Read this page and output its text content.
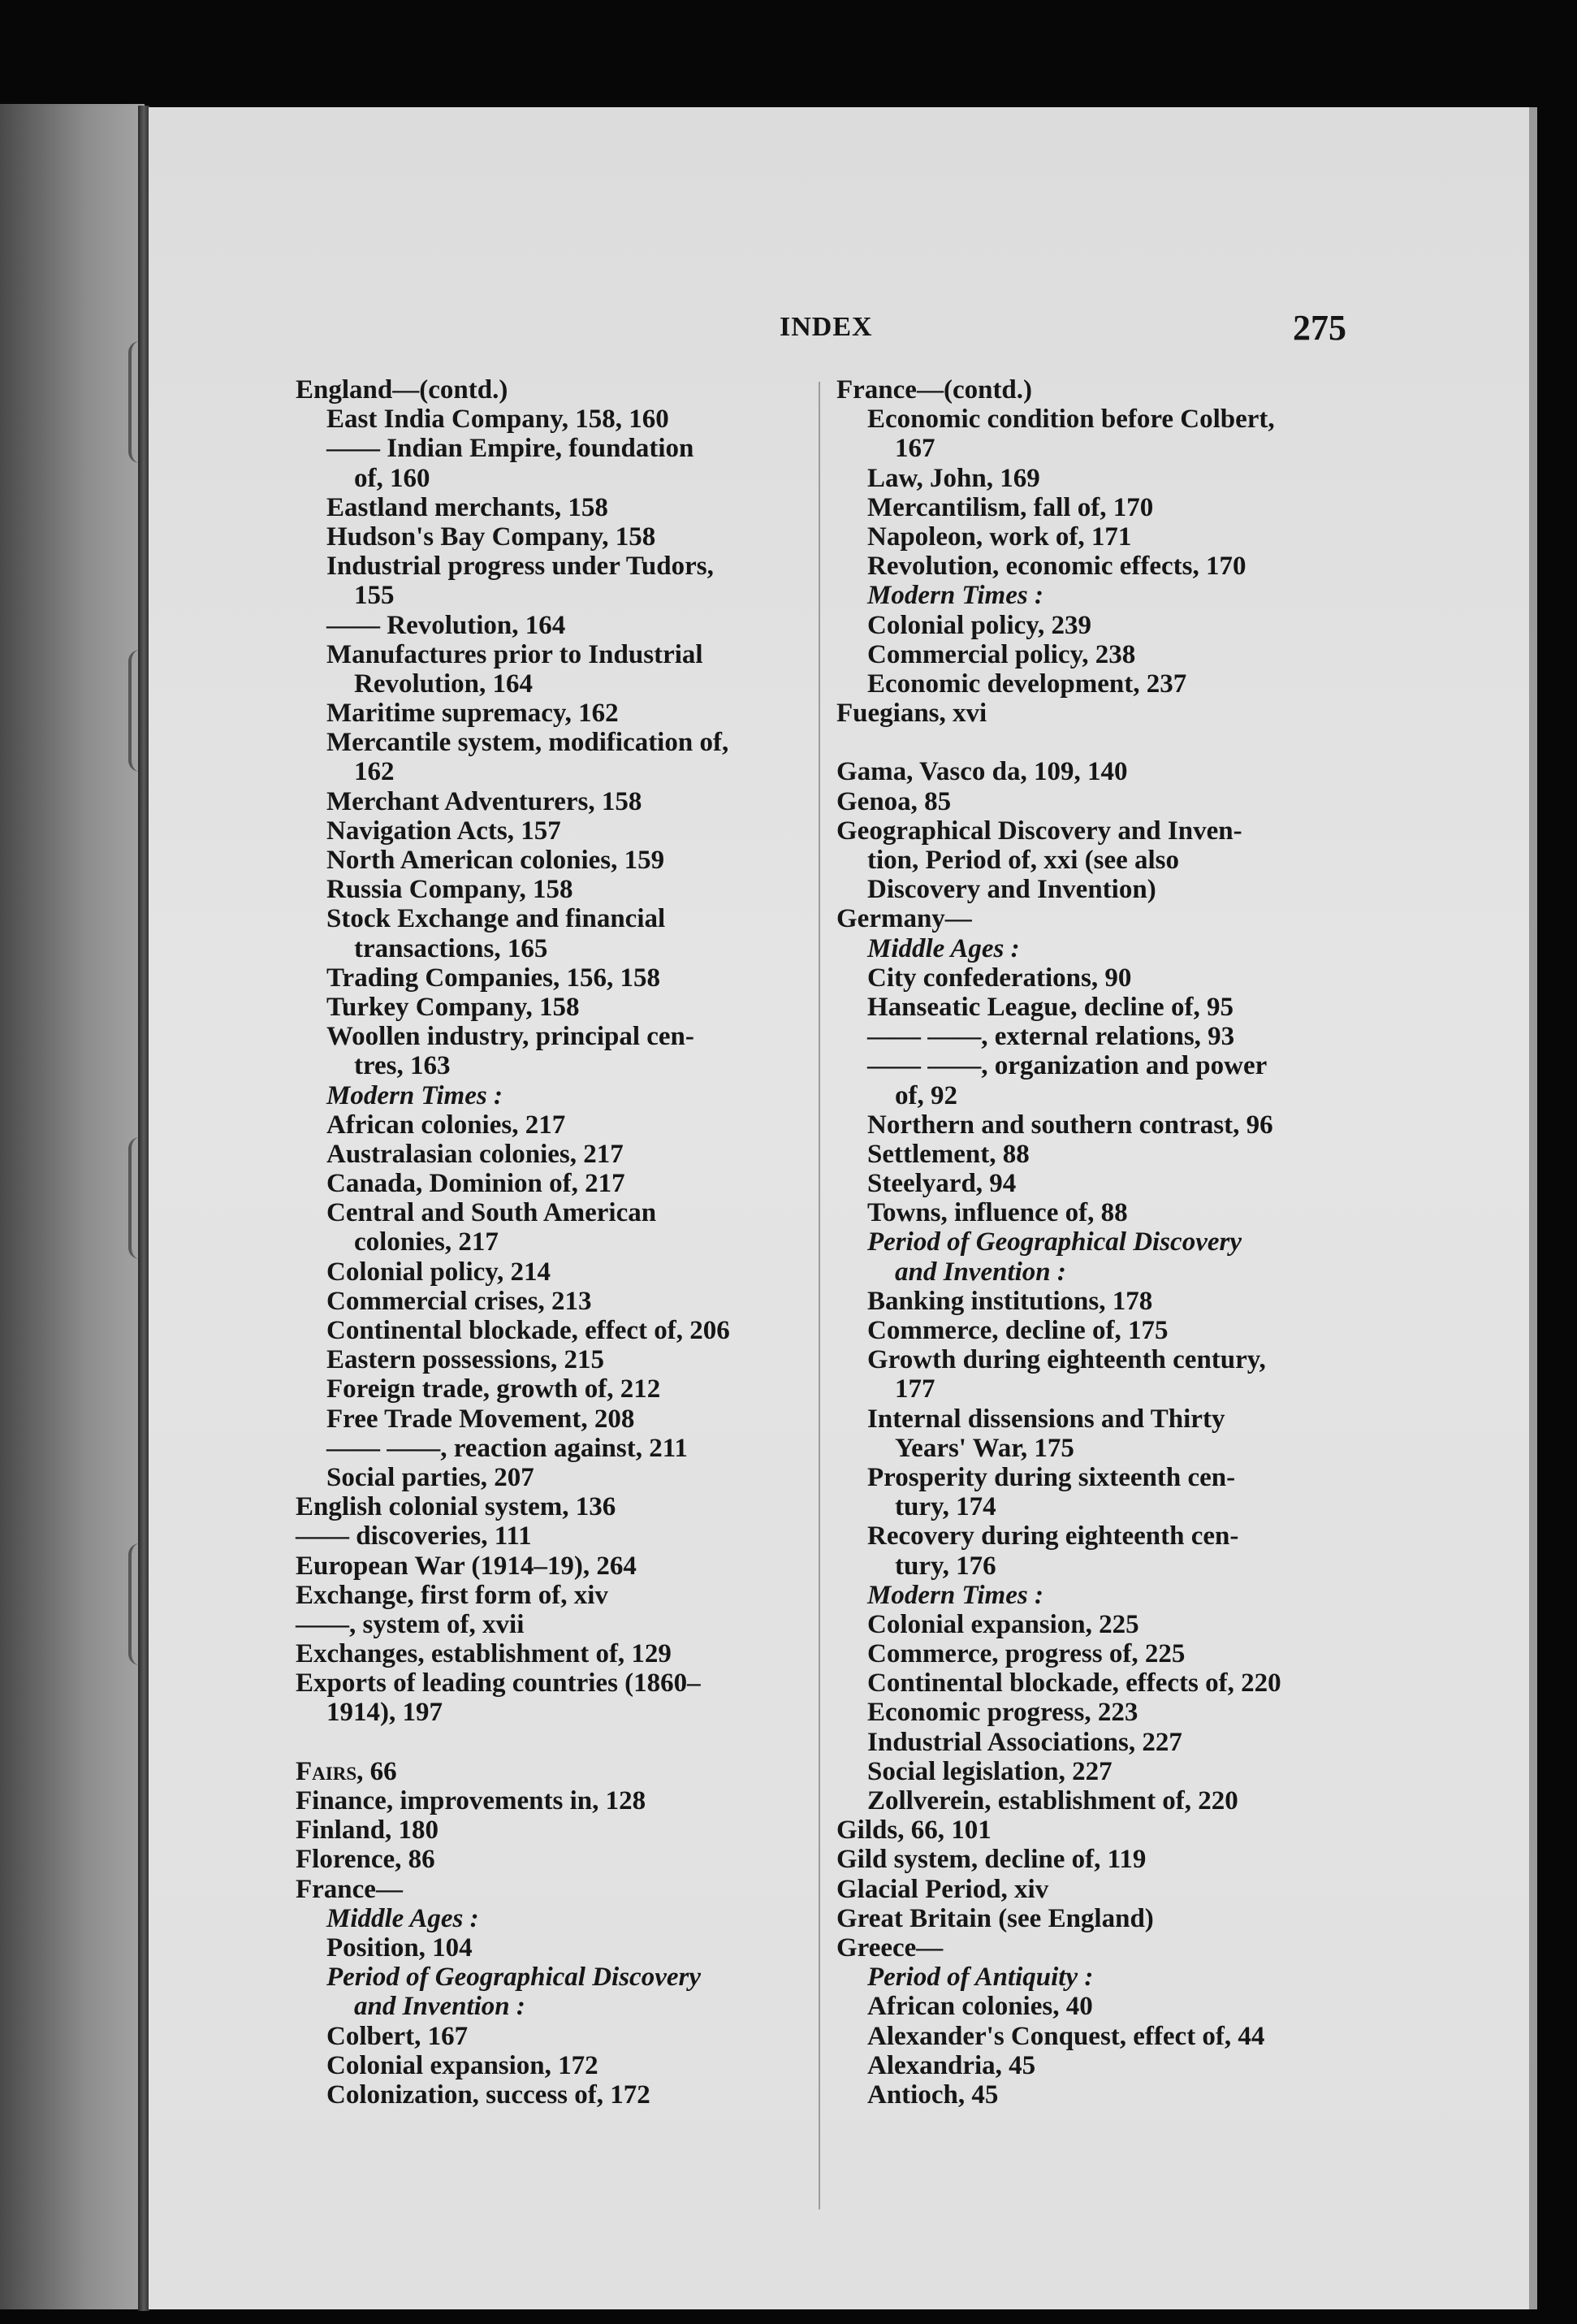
INDEX	275
England—(contd.)
East India Company, 158, 160
—— Indian Empire, foundation
of, 160
Eastland merchants, 158
Hudson's Bay Company, 158
Industrial progress under Tudors,
155
—— Revolution, 164
Manufactures prior to Industrial
Revolution, 164
Maritime supremacy, 162
Mercantile system, modification of,
162
Merchant Adventurers, 158
Navigation Acts, 157
North American colonies, 159
Russia Company, 158
Stock Exchange and financial
transactions, 165
Trading Companies, 156, 158
Turkey Company, 158
Woollen industry, principal cen-
tres, 163
Modern Times :
African colonies, 217
Australasian colonies, 217
Canada, Dominion of, 217
Central and South American
colonies, 217
Colonial policy, 214
Commercial crises, 213
Continental blockade, effect of, 206
Eastern possessions, 215
Foreign trade, growth of, 212
Free Trade Movement, 208
—— ——, reaction against, 211
Social parties, 207
English colonial system, 136
—— discoveries, 111
European War (1914–19), 264
Exchange, first form of, xiv
——, system of, xvii
Exchanges, establishment of, 129
Exports of leading countries (1860–
1914), 197
Fairs, 66
Finance, improvements in, 128
Finland, 180
Florence, 86
France—
Middle Ages :
Position, 104
Period of Geographical Discovery
and Invention :
Colbert, 167
Colonial expansion, 172
Colonization, success of, 172
France—(contd.)
Economic condition before Colbert,
167
Law, John, 169
Mercantilism, fall of, 170
Napoleon, work of, 171
Revolution, economic effects, 170
Modern Times :
Colonial policy, 239
Commercial policy, 238
Economic development, 237
Fuegians, xvi
Gama, Vasco da, 109, 140
Genoa, 85
Geographical Discovery and Inven-
tion, Period of, xxi (see also
Discovery and Invention)
Germany—
Middle Ages :
City confederations, 90
Hanseatic League, decline of, 95
—— ——, external relations, 93
—— ——, organization and power
of, 92
Northern and southern contrast, 96
Settlement, 88
Steelyard, 94
Towns, influence of, 88
Period of Geographical Discovery
and Invention :
Banking institutions, 178
Commerce, decline of, 175
Growth during eighteenth century,
177
Internal dissensions and Thirty
Years' War, 175
Prosperity during sixteenth cen-
tury, 174
Recovery during eighteenth cen-
tury, 176
Modern Times :
Colonial expansion, 225
Commerce, progress of, 225
Continental blockade, effects of, 220
Economic progress, 223
Industrial Associations, 227
Social legislation, 227
Zollverein, establishment of, 220
Gilds, 66, 101
Gild system, decline of, 119
Glacial Period, xiv
Great Britain (see England)
Greece—
Period of Antiquity :
African colonies, 40
Alexander's Conquest, effect of, 44
Alexandria, 45
Antioch, 45
